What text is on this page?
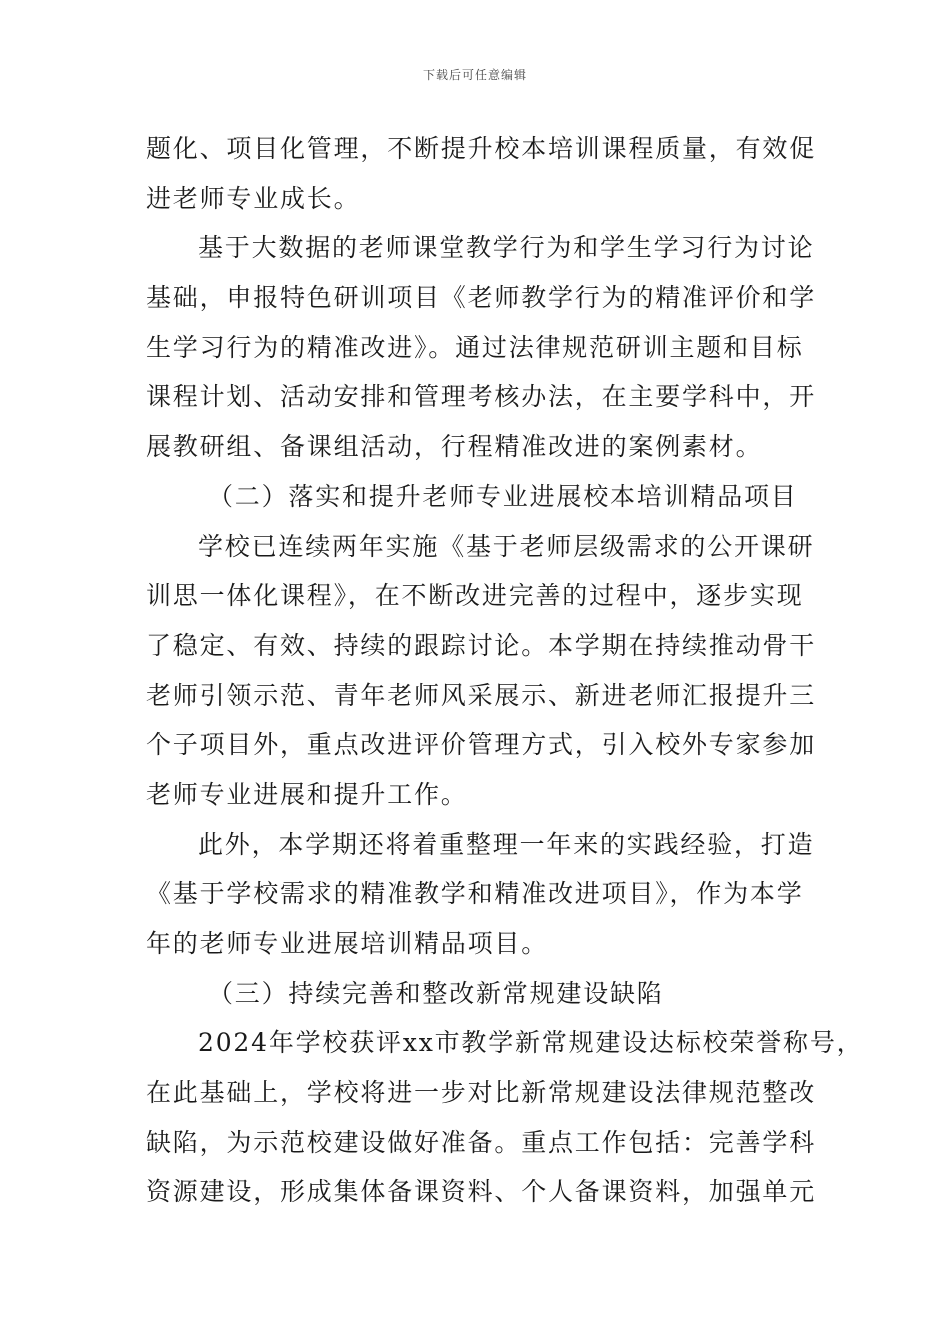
下载后可任意编辑
题化、项目化管理，不断提升校本培训课程质量，有效促
进老师专业成长。
基于大数据的老师课堂教学行为和学生学习行为讨论
基础，申报特色研训项目《老师教学行为的精准评价和学
生学习行为的精准改进》。通过法律规范研训主题和目标
课程计划、活动安排和管理考核办法，在主要学科中，开
展教研组、备课组活动，行程精准改进的案例素材。
（二）落实和提升老师专业进展校本培训精品项目
学校已连续两年实施《基于老师层级需求的公开课研
训思一体化课程》，在不断改进完善的过程中，逐步实现
了稳定、有效、持续的跟踪讨论。本学期在持续推动骨干
老师引领示范、青年老师风采展示、新进老师汇报提升三
个子项目外，重点改进评价管理方式，引入校外专家参加
老师专业进展和提升工作。
此外，本学期还将着重整理一年来的实践经验，打造
《基于学校需求的精准教学和精准改进项目》，作为本学
年的老师专业进展培训精品项目。
（三）持续完善和整改新常规建设缺陷
2024年学校获评xx市教学新常规建设达标校荣誉称号，
在此基础上，学校将进一步对比新常规建设法律规范整改
缺陷，为示范校建设做好准备。重点工作包括：完善学科
资源建设，形成集体备课资料、个人备课资料，加强单元
